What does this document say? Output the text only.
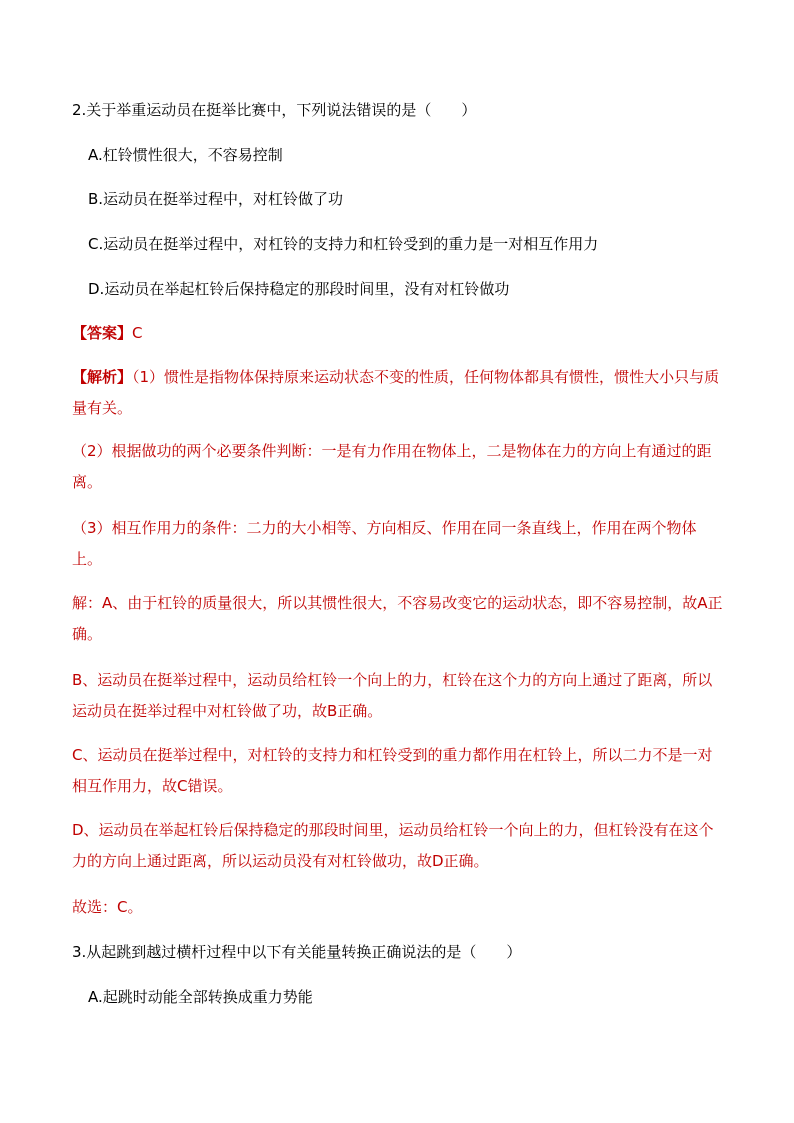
2.关于举重运动员在挺举比赛中，下列说法错误的是（　　）
A.杠铃惯性很大，不容易控制
B.运动员在挺举过程中，对杠铃做了功
C.运动员在挺举过程中，对杠铃的支持力和杠铃受到的重力是一对相互作用力
D.运动员在举起杠铃后保持稳定的那段时间里，没有对杠铃做功
【答案】C
【解析】（1）惯性是指物体保持原来运动状态不变的性质，任何物体都具有惯性，惯性大小只与质量有关。
（2）根据做功的两个必要条件判断：一是有力作用在物体上，二是物体在力的方向上有通过的距离。
（3）相互作用力的条件：二力的大小相等、方向相反、作用在同一条直线上，作用在两个物体上。
解：A、由于杠铃的质量很大，所以其惯性很大，不容易改变它的运动状态，即不容易控制，故A正确。
B、运动员在挺举过程中，运动员给杠铃一个向上的力，杠铃在这个力的方向上通过了距离，所以运动员在挺举过程中对杠铃做了功，故B正确。
C、运动员在挺举过程中，对杠铃的支持力和杠铃受到的重力都作用在杠铃上，所以二力不是一对相互作用力，故C错误。
D、运动员在举起杠铃后保持稳定的那段时间里，运动员给杠铃一个向上的力，但杠铃没有在这个力的方向上通过距离，所以运动员没有对杠铃做功，故D正确。
故选：C。
3.从起跳到越过横杆过程中以下有关能量转换正确说法的是（　　）
A.起跳时动能全部转换成重力势能
